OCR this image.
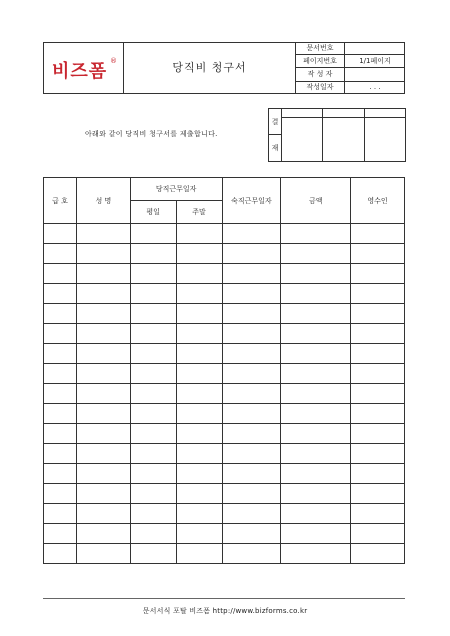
비즈폼 ®	당직비 청구서
문서번호	
페이지번호	1/1페이지
작 성 자	
작성일자	. . .
아래와 같이 당직비 청구서를 제출합니다.
결			

재			

급 호	성 명	당직근무일자		숙직근무일자	금액	영수인
		평일	주말			

문서서식 포탈 비즈폼 http://www.bizforms.co.kr
